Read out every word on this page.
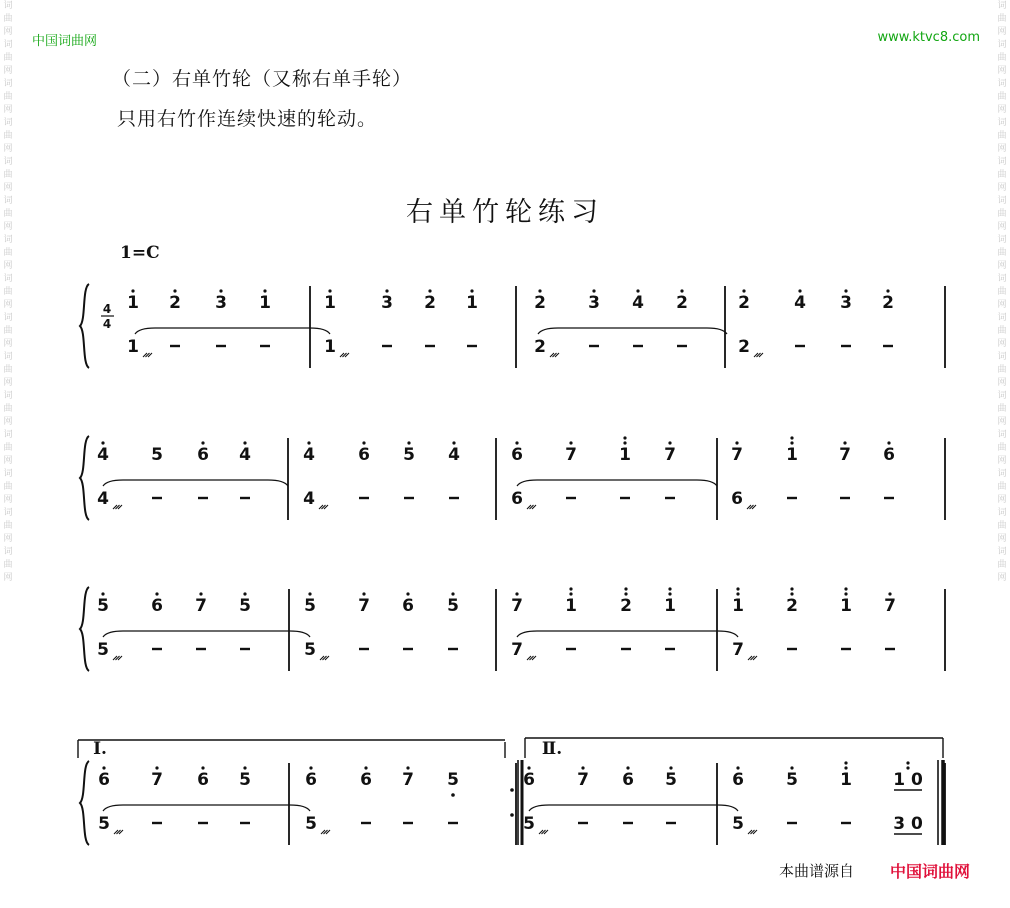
词曲网词曲网词曲网词曲网词曲网词曲网词曲网词曲网词曲网词曲网词曲网词曲网词曲网词曲网词曲网
词曲网词曲网词曲网词曲网词曲网词曲网词曲网词曲网词曲网词曲网词曲网词曲网词曲网词曲网词曲网
中国词曲网	www.ktvc8.com
（二）右单竹轮（又称右单手轮）
只用右竹作连续快速的轮动。
右单竹轮练习
1=C
1 2 3 1	1	3 2 1	2 3 4 2	2	4 3 2
1	1	2	2
4
4
4 5 6 4	4	6 5 4	6 7 1 7	7	1 7 6
4	4	6	6
5 6 7 5	5 7 6 5	7 1	2 1	1 2 1 7
5	5	7	7
6 7 6 5	6	6 7 5	6 7 6 5	6 5 1 1 0
5	5	5	5	3 0
Ⅰ.	Ⅱ.
本曲谱源自 中国词曲网
